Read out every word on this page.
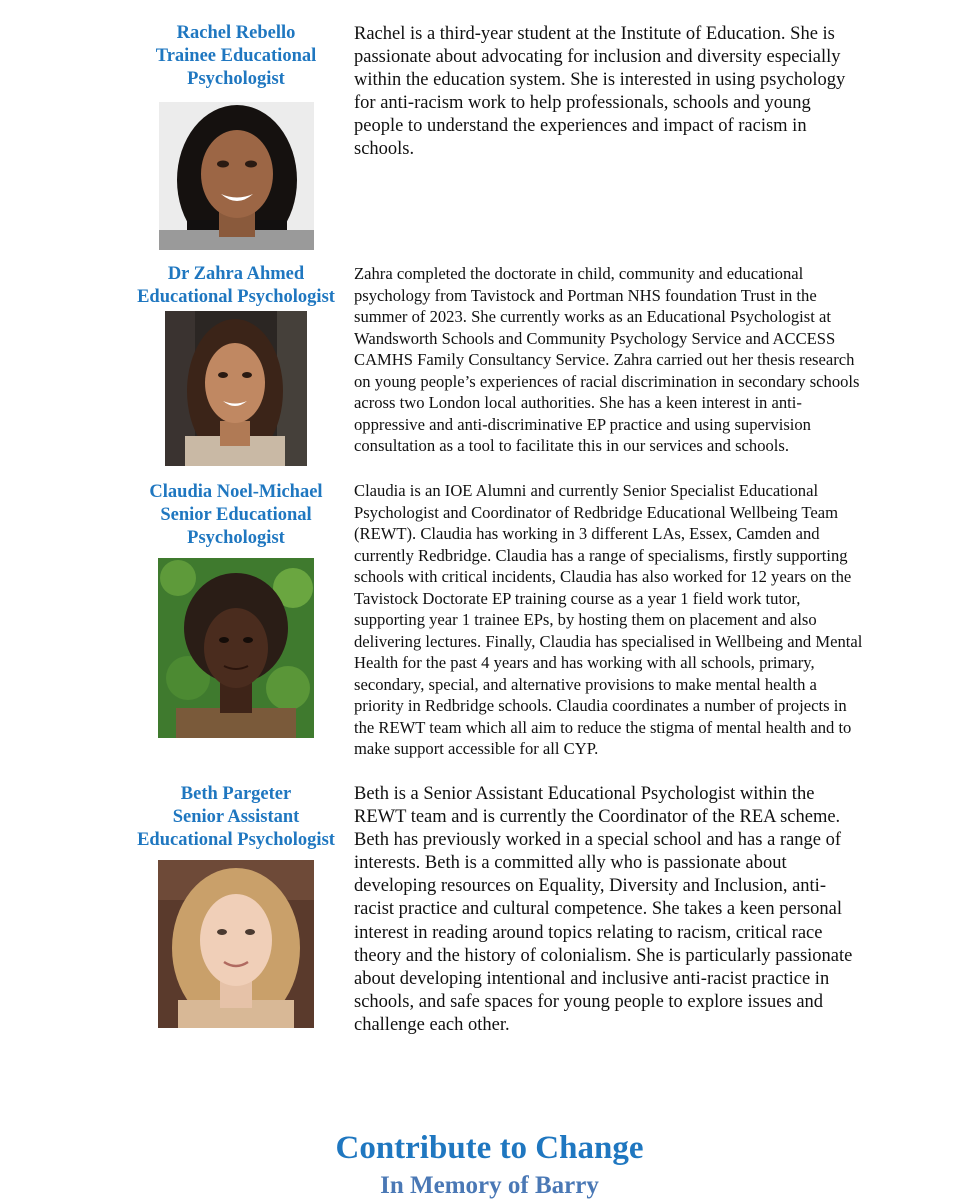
Rachel Rebello
Trainee Educational
Psychologist

Rachel is a third-year student at the Institute of Education. She is passionate about advocating for inclusion and diversity especially within the education system. She is interested in using psychology for anti-racism work to help professionals, schools and young people to understand the experiences and impact of racism in schools.

Dr Zahra Ahmed
Educational Psychologist

Zahra completed the doctorate in child, community and educational psychology from Tavistock and Portman NHS foundation Trust in the summer of 2023. She currently works as an Educational Psychologist at Wandsworth Schools and Community Psychology Service and ACCESS CAMHS Family Consultancy Service. Zahra carried out her thesis research on young people’s experiences of racial discrimination in secondary schools across two London local authorities. She has a keen interest in anti-oppressive and anti-discriminative EP practice and using supervision consultation as a tool to facilitate this in our services and schools.

Claudia Noel-Michael
Senior Educational
Psychologist

Claudia is an IOE Alumni and currently Senior Specialist Educational Psychologist and Coordinator of Redbridge Educational Wellbeing Team (REWT). Claudia has working in 3 different LAs, Essex, Camden and currently Redbridge. Claudia has a range of specialisms, firstly supporting schools with critical incidents, Claudia has also worked for 12 years on the Tavistock Doctorate EP training course as a year 1 field work tutor, supporting year 1 trainee EPs, by hosting them on placement and also delivering lectures. Finally, Claudia has specialised in Wellbeing and Mental Health for the past 4 years and has working with all schools, primary, secondary, special, and alternative provisions to make mental health a priority in Redbridge schools. Claudia coordinates a number of projects in the REWT team which all aim to reduce the stigma of mental health and to make support accessible for all CYP.

Beth Pargeter
Senior Assistant
Educational Psychologist

Beth is a Senior Assistant Educational Psychologist within the REWT team and is currently the Coordinator of the REA scheme. Beth has previously worked in a special school and has a range of interests. Beth is a committed ally who is passionate about developing resources on Equality, Diversity and Inclusion, anti-racist practice and cultural competence. She takes a keen personal interest in reading around topics relating to racism, critical race theory and the history of colonialism. She is particularly passionate about developing intentional and inclusive anti-racist practice in schools, and safe spaces for young people to explore issues and challenge each other.

Contribute to Change
In Memory of Barry
